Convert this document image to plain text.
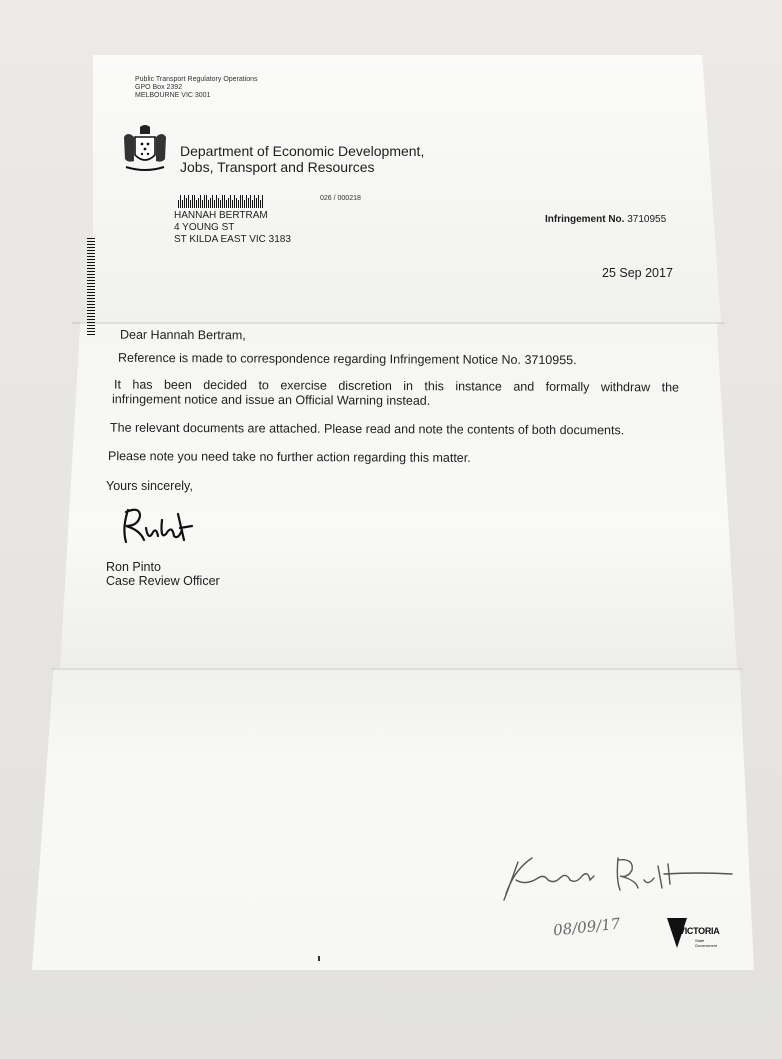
Public Transport Regulatory Operations
GPO Box 2392
MELBOURNE VIC 3001
Department of Economic Development,
Jobs, Transport and Resources
026 / 000218
HANNAH BERTRAM
4 YOUNG ST
ST KILDA EAST VIC 3183
Infringement No. 3710955
25 Sep 2017
Dear Hannah Bertram,
Reference is made to correspondence regarding Infringement Notice No. 3710955.
It has been decided to exercise discretion in this instance and formally withdraw the
infringement notice and issue an Official Warning instead.
The relevant documents are attached. Please read and note the contents of both documents.
Please note you need take no further action regarding this matter.
Yours sincerely,
Ron Pinto
Case Review Officer
08/09/17	VICTORIA
State
Government
